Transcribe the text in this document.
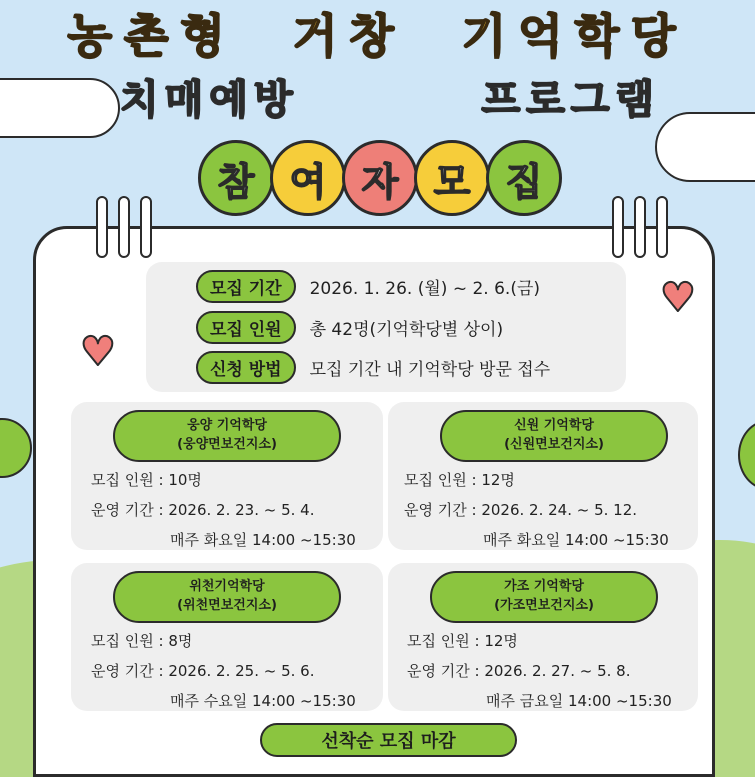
농촌형 거창 기억학당
치매예방	프로그램
참 여 자 모 집
♥
♥
모집 기간	2026. 1. 26. (월) ~ 2. 6.(금)
모집 인원	총 42명(기억학당별 상이)
신청 방법	모집 기간 내 기억학당 방문 접수
웅양 기억학당
(웅양면보건지소)
모집 인원 : 10명
운영 기간 : 2026. 2. 23. ~ 5. 4.
매주 화요일 14:00 ~15:30
신원 기억학당
(신원면보건지소)
모집 인원 : 12명
운영 기간 : 2026. 2. 24. ~ 5. 12.
매주 화요일 14:00 ~15:30
위천기억학당
(위천면보건지소)
모집 인원 : 8명
운영 기간 : 2026. 2. 25. ~ 5. 6.
매주 수요일 14:00 ~15:30
가조 기억학당
(가조면보건지소)
모집 인원 : 12명
운영 기간 : 2026. 2. 27. ~ 5. 8.
매주 금요일 14:00 ~15:30
선착순 모집 마감
